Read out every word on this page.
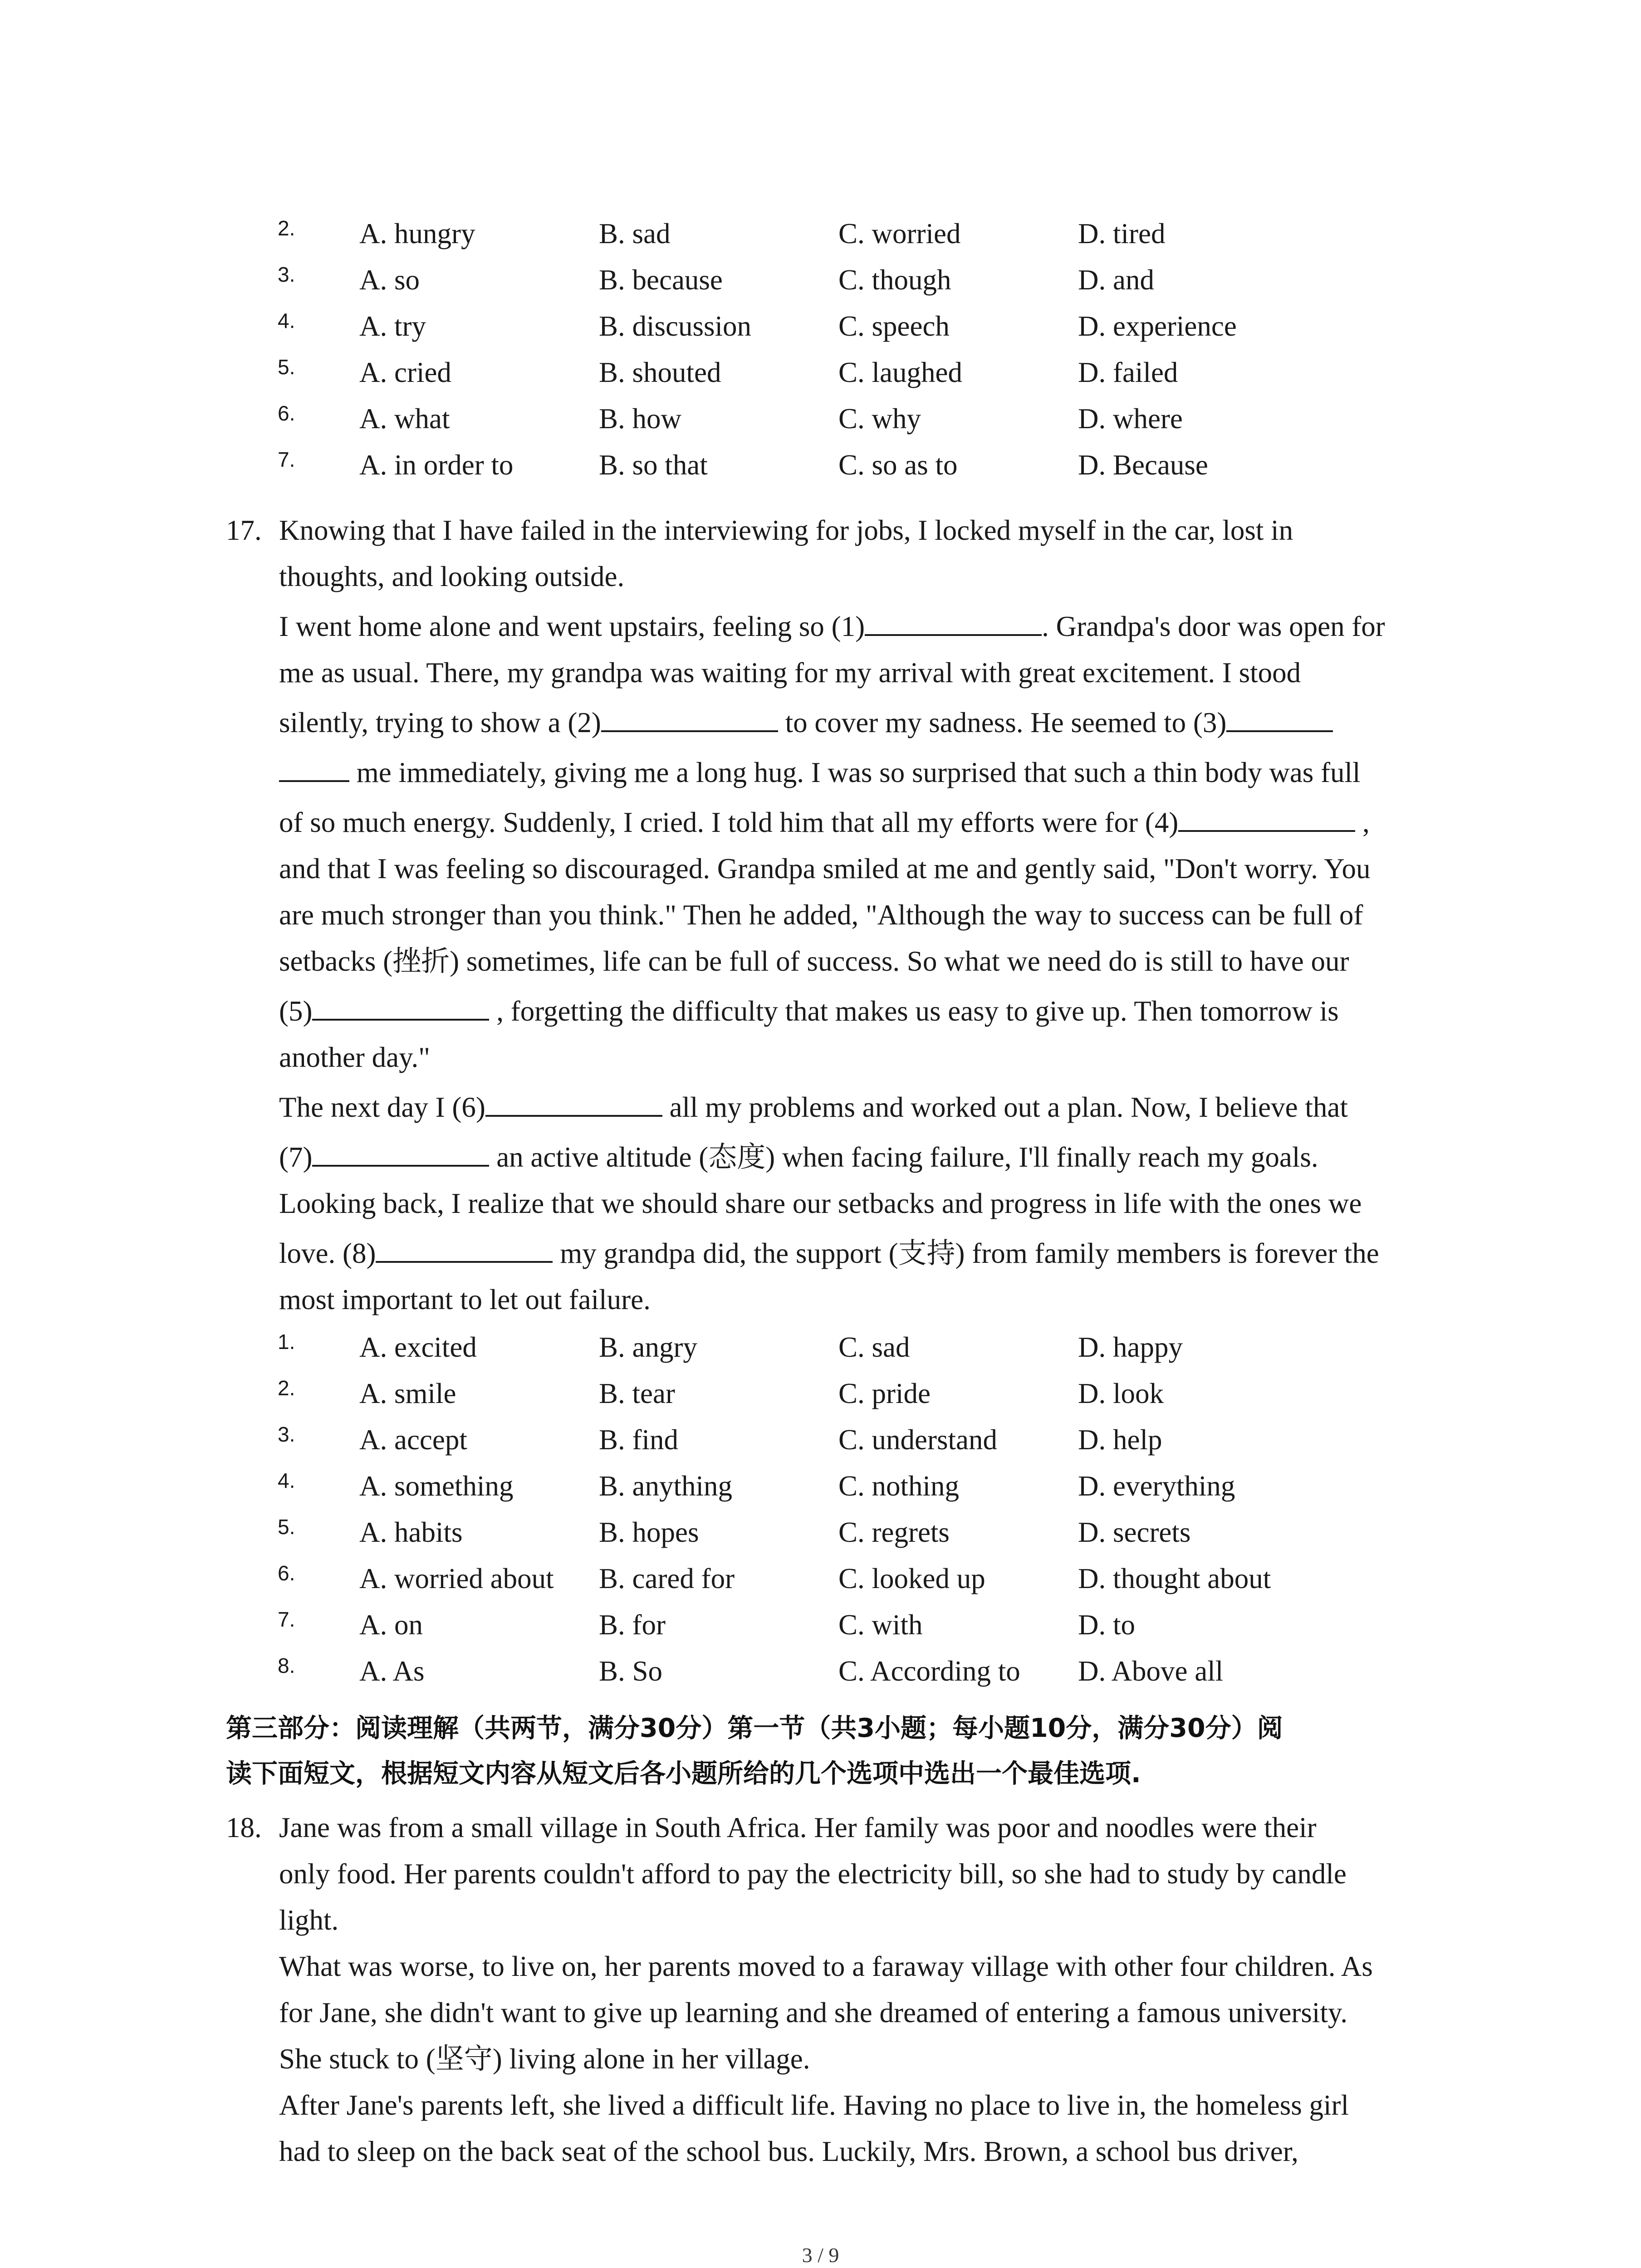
2. A. hungry	B. sad	C. worried	D. tired
3. A. so	B. because	C. though	D. and
4. A. try	B. discussion	C. speech	D. experience
5. A. cried	B. shouted	C. laughed	D. failed
6. A. what	B. how	C. why	D. where
7. A. in order to	B. so that	C. so as to	D. Because
17. Knowing that I have failed in the interviewing for jobs, I locked myself in the car, lost in
thoughts, and looking outside.
I went home alone and went upstairs, feeling so (1)	. Grandpa's door was open for
me as usual. There, my grandpa was waiting for my arrival with great excitement. I stood
silently, trying to show a (2)	to cover my sadness. He seemed to (3)
me immediately, giving me a long hug. I was so surprised that such a thin body was full
of so much energy. Suddenly, I cried. I told him that all my efforts were for (4)	,
and that I was feeling so discouraged. Grandpa smiled at me and gently said, "Don't worry. You
are much stronger than you think." Then he added, "Although the way to success can be full of
setbacks (挫折) sometimes, life can be full of success. So what we need do is still to have our
(5)	, forgetting the difficulty that makes us easy to give up. Then tomorrow is
another day."
The next day I (6)	all my problems and worked out a plan. Now, I believe that
(7)	an active altitude (态度) when facing failure, I'll finally reach my goals.
Looking back, I realize that we should share our setbacks and progress in life with the ones we
love. (8)	my grandpa did, the support (支持) from family members is forever the
most important to let out failure.
1. A. excited	B. angry	C. sad	D. happy
2. A. smile	B. tear	C. pride	D. look
3. A. accept	B. find	C. understand	D. help
4. A. something	B. anything	C. nothing	D. everything
5. A. habits	B. hopes	C. regrets	D. secrets
6. A. worried about B. cared for	C. looked up	D. thought about
7. A. on	B. for	C. with	D. to
8. A. As	B. So	C. According to D. Above all
第三部分：阅读理解（共两节，满分30分）第一节（共3小题；每小题10分，满分30分）阅
读下面短文，根据短文内容从短文后各小题所给的几个选项中选出一个最佳选项.
18. Jane was from a small village in South Africa. Her family was poor and noodles were their
only food. Her parents couldn't afford to pay the electricity bill, so she had to study by candle
light.
What was worse, to live on, her parents moved to a faraway village with other four children. As
for Jane, she didn't want to give up learning and she dreamed of entering a famous university.
She stuck to (坚守) living alone in her village.
After Jane's parents left, she lived a difficult life. Having no place to live in, the homeless girl
had to sleep on the back seat of the school bus. Luckily, Mrs. Brown, a school bus driver,
3 / 9
